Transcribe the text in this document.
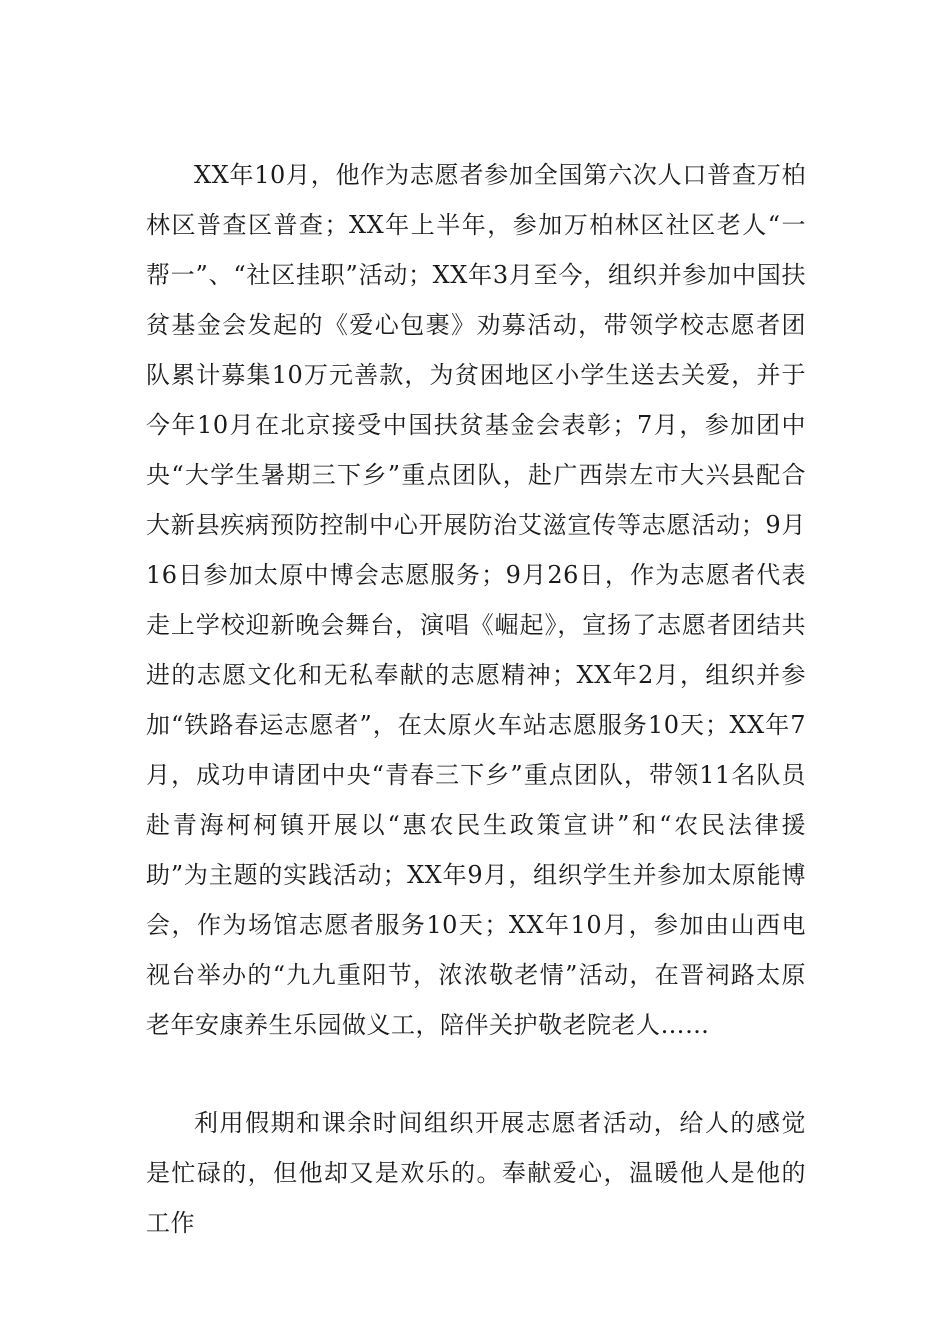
XX年10月，他作为志愿者参加全国第六次人口普查万柏林区普查区普查；XX年上半年，参加万柏林区社区老人“一帮一”、“社区挂职”活动；XX年3月至今，组织并参加中国扶贫基金会发起的《爱心包裹》劝募活动，带领学校志愿者团队累计募集10万元善款，为贫困地区小学生送去关爱，并于今年10月在北京接受中国扶贫基金会表彰；7月，参加团中央“大学生暑期三下乡”重点团队，赴广西崇左市大兴县配合大新县疾病预防控制中心开展防治艾滋宣传等志愿活动；9月16日参加太原中博会志愿服务；9月26日，作为志愿者代表走上学校迎新晚会舞台，演唱《崛起》，宣扬了志愿者团结共进的志愿文化和无私奉献的志愿精神；XX年2月，组织并参加“铁路春运志愿者”，在太原火车站志愿服务10天；XX年7月，成功申请团中央“青春三下乡”重点团队，带领11名队员赴青海柯柯镇开展以“惠农民生政策宣讲”和“农民法律援助”为主题的实践活动；XX年9月，组织学生并参加太原能博会，作为场馆志愿者服务10天；XX年10月，参加由山西电视台举办的“九九重阳节，浓浓敬老情”活动，在晋祠路太原老年安康养生乐园做义工，陪伴关护敬老院老人……

利用假期和课余时间组织开展志愿者活动，给人的感觉是忙碌的，但他却又是欢乐的。奉献爱心，温暖他人是他的工作
